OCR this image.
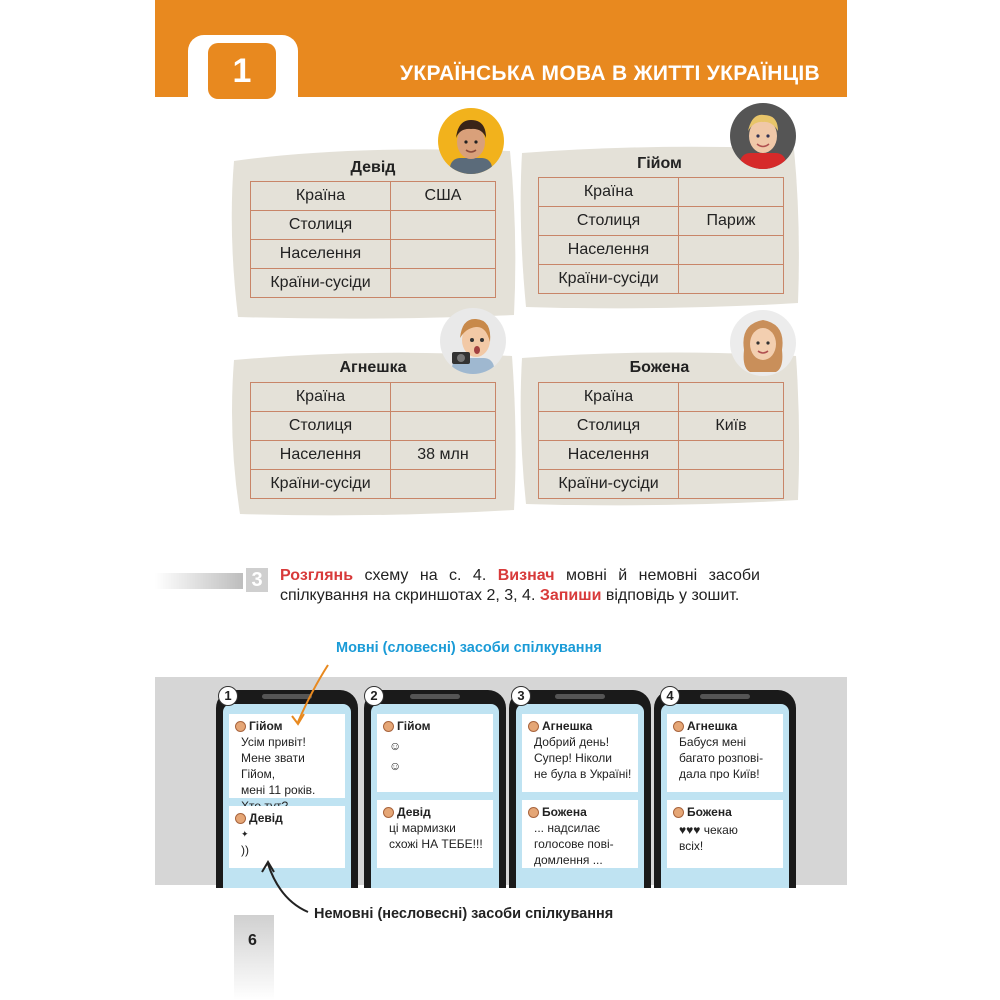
1	УКРАЇНСЬКА МОВА В ЖИТТІ УКРАЇНЦІВ
Девід
Країна	США
Столиця	
Населення	
Країни-сусіди	
Гійом
Країна	
Столиця	Париж
Населення	
Країни-сусіди	
Агнешка
Країна	
Столиця	
Населення	38 млн
Країни-сусіди	
Божена
Країна	
Столиця	Київ
Населення	
Країни-сусіди	
3	Розглянь схему на с. 4. Визнач мовні й немовні засоби спілкування на скриншотах 2, 3, 4. Запиши відповідь у зошит.
Мовні (словесні) засоби спілкування
Гійом
Усім привіт!
Мене звати Гійом,
мені 11 років.
Девід
✦
))
1
Гійом
☺
☺
Девід
ці мармизки
схожі НА ТЕБЕ!!!
2
Агнешка
Добрий день!
Супер! Ніколи
не була в Україні!
Божена
... надсилає
голосове пові-
домлення ...
3
Агнешка
Бабуся мені
багато розпові-
дала про Київ!
Божена
♥♥♥ чекаю
всіх!
4
Немовні (несловесні) засоби спілкування
6
